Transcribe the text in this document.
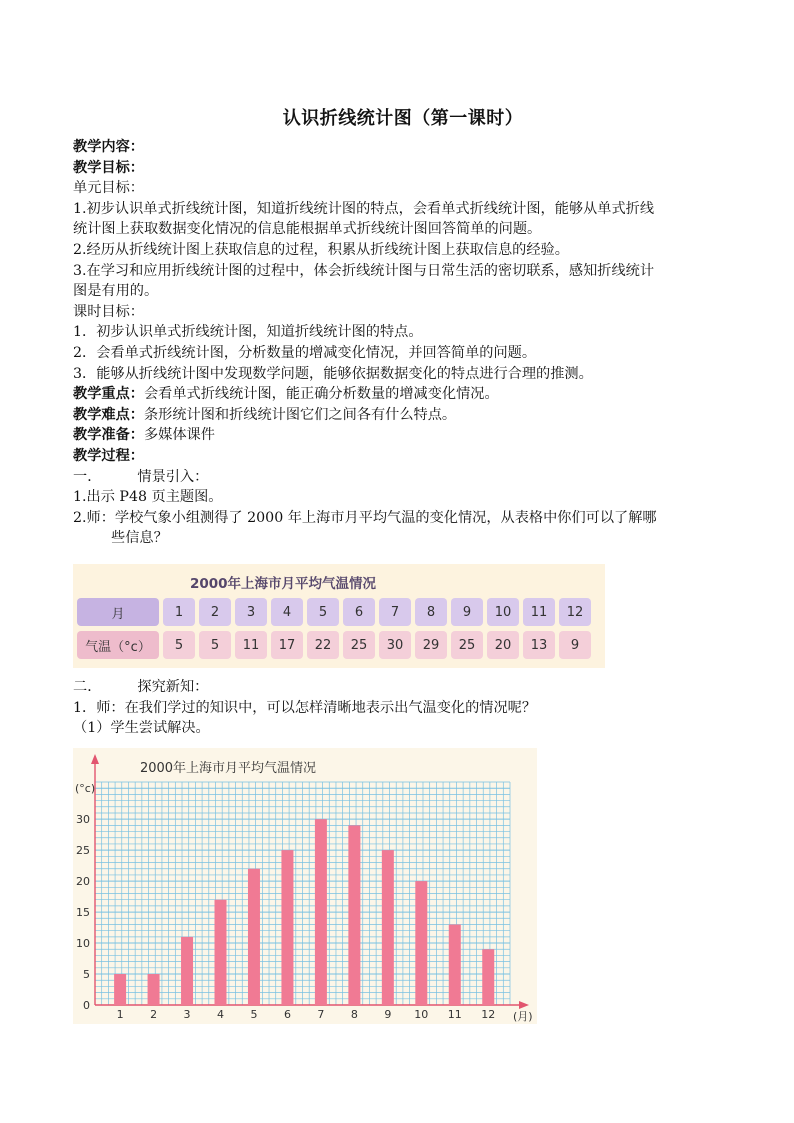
认识折线统计图（第一课时）
教学内容：
教学目标：
单元目标：
1.初步认识单式折线统计图，知道折线统计图的特点，会看单式折线统计图，能够从单式折线
统计图上获取数据变化情况的信息能根据单式折线统计图回答简单的问题。
2.经历从折线统计图上获取信息的过程，积累从折线统计图上获取信息的经验。
3.在学习和应用折线统计图的过程中，体会折线统计图与日常生活的密切联系，感知折线统计
图是有用的。
课时目标：
1．初步认识单式折线统计图，知道折线统计图的特点。
2．会看单式折线统计图，分析数量的增减变化情况，并回答简单的问题。
3．能够从折线统计图中发现数学问题，能够依据数据变化的特点进行合理的推测。
教学重点：会看单式折线统计图，能正确分析数量的增减变化情况。
教学难点：条形统计图和折线统计图它们之间各有什么特点。
教学准备：多媒体课件
教学过程：
一．	情景引入：
1.出示 P48 页主题图。
2.师：学校气象小组测得了 2000 年上海市月平均气温的变化情况，从表格中你们可以了解哪
些信息？
2000年上海市月平均气温情况
月	1	2	3	4	5	6	7	8	9	10	11	12
气温（°c）	5	5	11	17	22	25	30	29	25	20	13	9
二．	探究新知：
1．师：在我们学过的知识中，可以怎样清晰地表示出气温变化的情况呢？
（1）学生尝试解决。
2000年上海市月平均气温情况
(°c)
(月)
0
5
10
15
20
25
30
1 2 3 4 5 6 7 8 9 10 11 12
